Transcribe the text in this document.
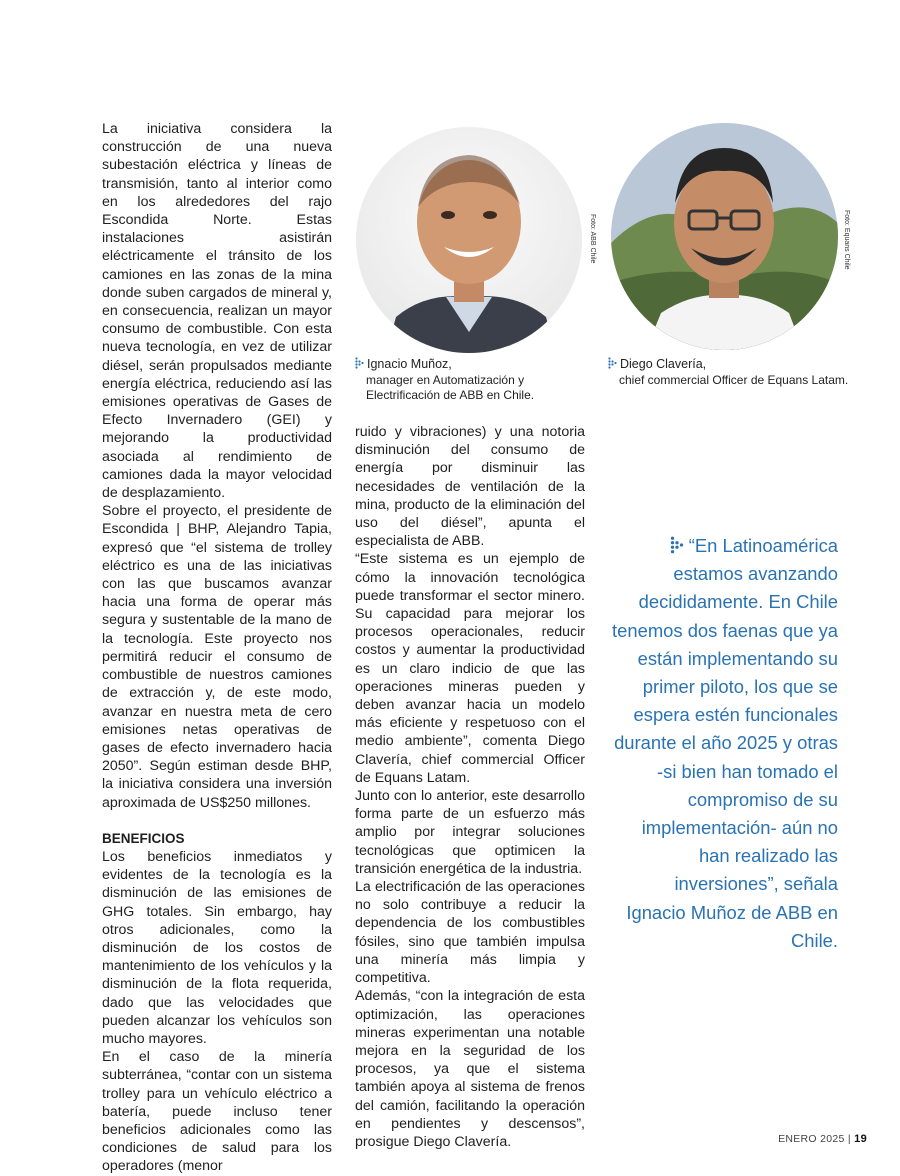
La iniciativa considera la construcción de una nueva subestación eléctrica y líneas de transmisión, tanto al interior como en los alrededores del rajo Escondida Norte. Estas instalaciones asistirán eléctricamente el tránsito de los camiones en las zonas de la mina donde suben cargados de mineral y, en consecuencia, realizan un mayor consumo de combustible. Con esta nueva tecnología, en vez de utilizar diésel, serán propulsados mediante energía eléctrica, reduciendo así las emisiones operativas de Gases de Efecto Invernadero (GEI) y mejorando la productividad asociada al rendimiento de camiones dada la mayor velocidad de desplazamiento.

Sobre el proyecto, el presidente de Escondida | BHP, Alejandro Tapia, expresó que “el sistema de trolley eléctrico es una de las iniciativas con las que buscamos avanzar hacia una forma de operar más segura y sustentable de la mano de la tecnología. Este proyecto nos permitirá reducir el consumo de combustible de nuestros camiones de extracción y, de este modo, avanzar en nuestra meta de cero emisiones netas operativas de gases de efecto invernadero hacia 2050”. Según estiman desde BHP, la iniciativa considera una inversión aproximada de US$250 millones.

BENEFICIOS

Los beneficios inmediatos y evidentes de la tecnología es la disminución de las emisiones de GHG totales. Sin embargo, hay otros adicionales, como la disminución de los costos de mantenimiento de los vehículos y la disminución de la flota requerida, dado que las velocidades que pueden alcanzar los vehículos son mucho mayores.

En el caso de la minería subterránea, “contar con un sistema trolley para un vehículo eléctrico a batería, puede incluso tener beneficios adicionales como las condiciones de salud para los operadores (menor

Foto: ABB Chile	Foto: Equans Chile
Ignacio Muñoz,
manager en Automatización y Electrificación de ABB en Chile.
Diego Clavería,
chief commercial Officer de Equans Latam.

ruido y vibraciones) y una notoria disminución del consumo de energía por disminuir las necesidades de ventilación de la mina, producto de la eliminación del uso del diésel”, apunta el especialista de ABB.

“Este sistema es un ejemplo de cómo la innovación tecnológica puede transformar el sector minero. Su capacidad para mejorar los procesos operacionales, reducir costos y aumentar la productividad es un claro indicio de que las operaciones mineras pueden y deben avanzar hacia un modelo más eficiente y respetuoso con el medio ambiente”, comenta Diego Clavería, chief commercial Officer de Equans Latam.

Junto con lo anterior, este desarrollo forma parte de un esfuerzo más amplio por integrar soluciones tecnológicas que optimicen la transición energética de la industria.

La electrificación de las operaciones no solo contribuye a reducir la dependencia de los combustibles fósiles, sino que también impulsa una minería más limpia y competitiva.

Además, “con la integración de esta optimización, las operaciones mineras experimentan una notable mejora en la seguridad de los procesos, ya que el sistema también apoya al sistema de frenos del camión, facilitando la operación en pendientes y descensos”, prosigue Diego Clavería.

“En Latinoamérica estamos avanzando decididamente. En Chile tenemos dos faenas que ya están implementando su primer piloto, los que se espera estén funcionales durante el año 2025 y otras -si bien han tomado el compromiso de su implementación- aún no han realizado las inversiones”, señala Ignacio Muñoz de ABB en Chile.
ENERO 2025 | 19
